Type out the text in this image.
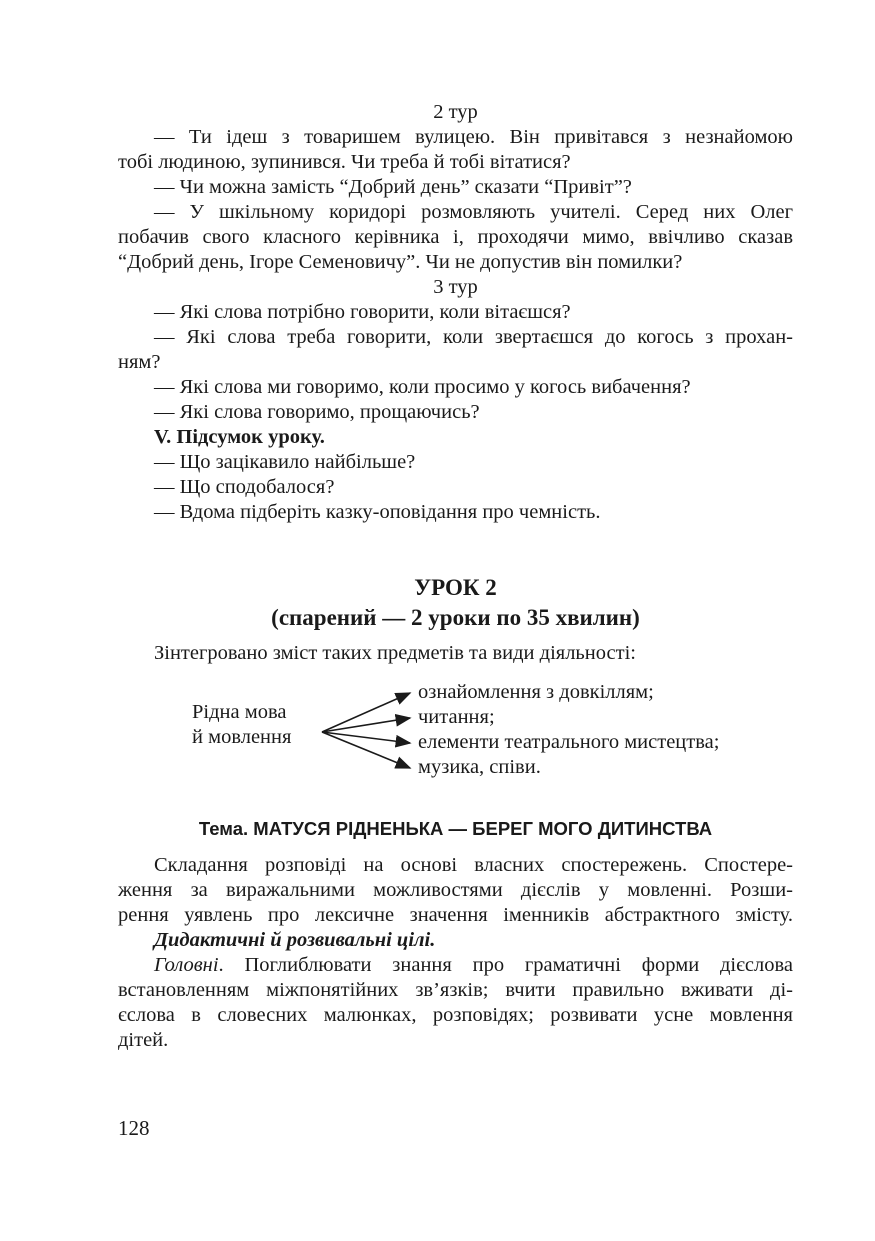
2 тур
— Ти ідеш з товаришем вулицею. Він привітався з незнайомою
тобі людиною, зупинився. Чи треба й тобі вітатися?
— Чи можна замість “Добрий день” сказати “Привіт”?
— У шкільному коридорі розмовляють учителі. Серед них Олег
побачив свого класного керівника і, проходячи мимо, ввічливо сказав
“Добрий день, Ігоре Семеновичу”. Чи не допустив він помилки?
3 тур
— Які слова потрібно говорити, коли вітаєшся?
— Які слова треба говорити, коли звертаєшся до когось з прохан-
ням?
— Які слова ми говоримо, коли просимо у когось вибачення?
— Які слова говоримо, прощаючись?
V. Підсумок уроку.
— Що зацікавило найбільше?
— Що сподобалося?
— Вдома підберіть казку-оповідання про чемність.
УРОК 2
(спарений — 2 уроки по 35 хвилин)
Зінтегровано зміст таких предметів та види діяльності:
Рідна мова
й мовлення
ознайомлення з довкіллям;
читання;
елементи театрального мистецтва;
музика, співи.
Тема. МАТУСЯ РІДНЕНЬКА — БЕРЕГ МОГО ДИТИНСТВА
Складання розповіді на основі власних спостережень. Спостере-
ження за виражальними можливостями дієслів у мовленні. Розши-
рення уявлень про лексичне значення іменників абстрактного змісту.
Дидактичні й розвивальні цілі.
Головні. Поглиблювати знання про граматичні форми дієслова
встановленням міжпонятійних зв’язків; вчити правильно вживати ді-
єслова в словесних малюнках, розповідях; розвивати усне мовлення
дітей.
128
